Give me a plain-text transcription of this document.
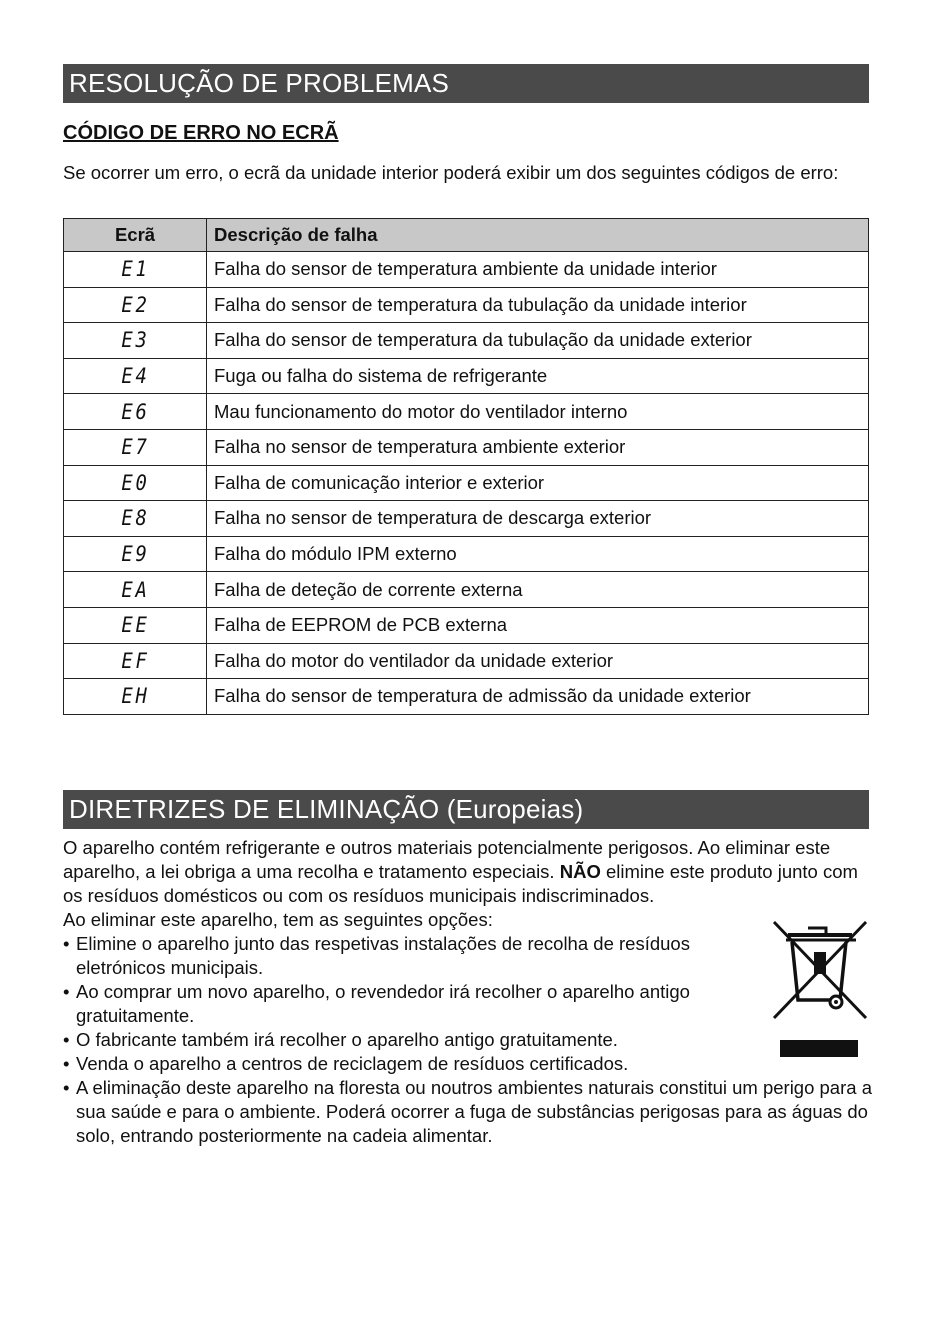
RESOLUÇÃO DE PROBLEMAS
CÓDIGO DE ERRO NO ECRÃ

Se ocorrer um erro, o ecrã da unidade interior poderá exibir um dos seguintes códigos de erro:

Ecrã	Descrição de falha
E1	Falha do sensor de temperatura ambiente da unidade interior
E2	Falha do sensor de temperatura da tubulação da unidade interior
E3	Falha do sensor de temperatura da tubulação da unidade exterior
E4	Fuga ou falha do sistema de refrigerante
E6	Mau funcionamento do motor do ventilador interno
E7	Falha no sensor de temperatura ambiente exterior
E0	Falha de comunicação interior e exterior
E8	Falha no sensor de temperatura de descarga exterior
E9	Falha do módulo IPM externo
EA	Falha de deteção de corrente externa
EE	Falha de EEPROM de PCB externa
EF	Falha do motor do ventilador da unidade exterior
EH	Falha do sensor de temperatura de admissão da unidade exterior
DIRETRIZES DE ELIMINAÇÃO (Europeias)

O aparelho contém refrigerante e outros materiais potencialmente perigosos. Ao eliminar este aparelho, a lei obriga a uma recolha e tratamento especiais. NÃO elimine este produto junto com os resíduos domésticos ou com os resíduos municipais indiscriminados.

Ao eliminar este aparelho, tem as seguintes opções:

• Elimine o aparelho junto das respetivas instalações de recolha de resíduos eletrónicos municipais.
• Ao comprar um novo aparelho, o revendedor irá recolher o aparelho antigo gratuitamente.
• O fabricante também irá recolher o aparelho antigo gratuitamente.
• Venda o aparelho a centros de reciclagem de resíduos certificados.
• A eliminação deste aparelho na floresta ou noutros ambientes naturais constitui um perigo para a sua saúde e para o ambiente. Poderá ocorrer a fuga de substâncias perigosas para as águas do solo, entrando posteriormente na cadeia alimentar.
